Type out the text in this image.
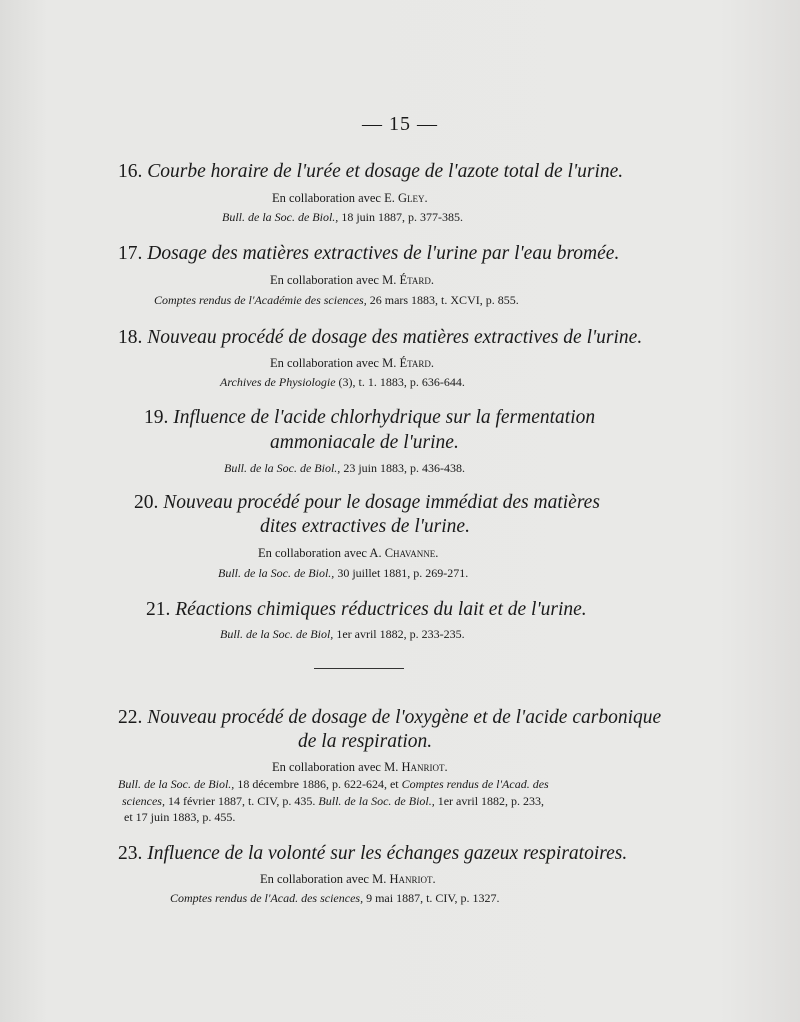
— 15 —
16. Courbe horaire de l'urée et dosage de l'azote total de l'urine.
En collaboration avec E. Gley.
Bull. de la Soc. de Biol., 18 juin 1887, p. 377-385.
17. Dosage des matières extractives de l'urine par l'eau bromée.
En collaboration avec M. Étard.
Comptes rendus de l'Académie des sciences, 26 mars 1883, t. XCVI, p. 855.
18. Nouveau procédé de dosage des matières extractives de l'urine.
En collaboration avec M. Étard.
Archives de Physiologie (3), t. 1. 1883, p. 636-644.
19. Influence de l'acide chlorhydrique sur la fermentation
ammoniacale de l'urine.
Bull. de la Soc. de Biol., 23 juin 1883, p. 436-438.
20. Nouveau procédé pour le dosage immédiat des matières
dites extractives de l'urine.
En collaboration avec A. Chavanne.
Bull. de la Soc. de Biol., 30 juillet 1881, p. 269-271.
21. Réactions chimiques réductrices du lait et de l'urine.
Bull. de la Soc. de Biol, 1er avril 1882, p. 233-235.
22. Nouveau procédé de dosage de l'oxygène et de l'acide carbonique
de la respiration.
En collaboration avec M. Hanriot.
Bull. de la Soc. de Biol., 18 décembre 1886, p. 622-624, et Comptes rendus de l'Acad. des
sciences, 14 février 1887, t. CIV, p. 435. Bull. de la Soc. de Biol., 1er avril 1882, p. 233,
et 17 juin 1883, p. 455.
23. Influence de la volonté sur les échanges gazeux respiratoires.
En collaboration avec M. Hanriot.
Comptes rendus de l'Acad. des sciences, 9 mai 1887, t. CIV, p. 1327.
